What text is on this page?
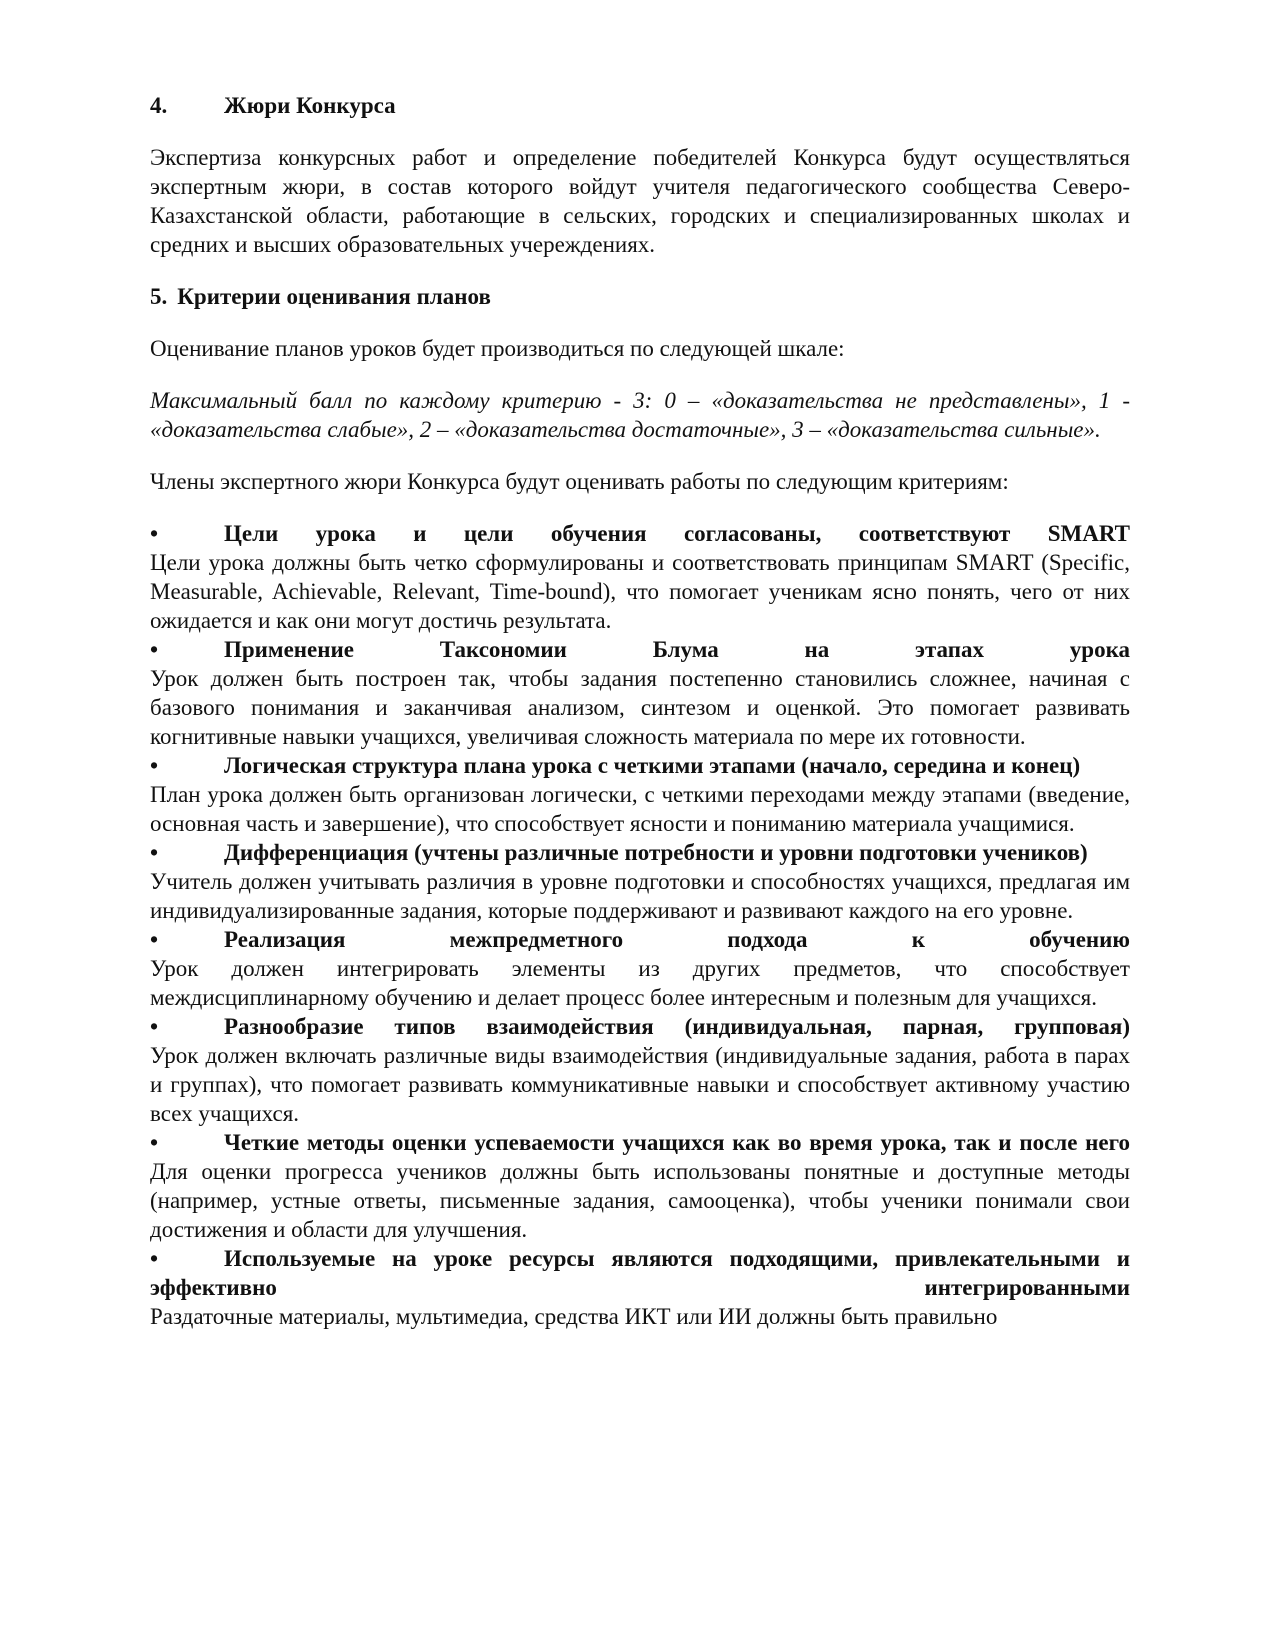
4. Жюри Конкурса

Экспертиза конкурсных работ и определение победителей Конкурса будут осуществляться экспертным жюри, в состав которого войдут учителя педагогического сообщества Северо-Казахстанской области, работающие в сельских, городских и специализированных школах и средних и высших образовательных учереждениях.

5. Критерии оценивания планов

Оценивание планов уроков будет производиться по следующей шкале:

Максимальный балл по каждому критерию - 3: 0 – «доказательства не представлены», 1 - «доказательства слабые», 2 – «доказательства достаточные», 3 – «доказательства сильные».

Члены экспертного жюри Конкурса будут оценивать работы по следующим критериям:

•	Цели урока и цели обучения согласованы, соответствуют SMART

Цели урока должны быть четко сформулированы и соответствовать принципам SMART (Specific, Measurable, Achievable, Relevant, Time-bound), что помогает ученикам ясно понять, чего от них ожидается и как они могут достичь результата.

•	Применение Таксономии Блума на этапах урока

Урок должен быть построен так, чтобы задания постепенно становились сложнее, начиная с базового понимания и заканчивая анализом, синтезом и оценкой. Это помогает развивать когнитивные навыки учащихся, увеличивая сложность материала по мере их готовности.

•	Логическая структура плана урока с четкими этапами (начало, середина и конец)

План урока должен быть организован логически, с четкими переходами между этапами (введение, основная часть и завершение), что способствует ясности и пониманию материала учащимися.

•	Дифференциация (учтены различные потребности и уровни подготовки учеников)

Учитель должен учитывать различия в уровне подготовки и способностях учащихся, предлагая им индивидуализированные задания, которые поддерживают и развивают каждого на его уровне.

•	Реализация межпредметного подхода к обучению

Урок должен интегрировать элементы из других предметов, что способствует междисциплинарному обучению и делает процесс более интересным и полезным для учащихся.

•	Разнообразие типов взаимодействия (индивидуальная, парная, групповая)

Урок должен включать различные виды взаимодействия (индивидуальные задания, работа в парах и группах), что помогает развивать коммуникативные навыки и способствует активному участию всех учащихся.

•	Четкие методы оценки успеваемости учащихся как во время урока, так и после него

Для оценки прогресса учеников должны быть использованы понятные и доступные методы (например, устные ответы, письменные задания, самооценка), чтобы ученики понимали свои достижения и области для улучшения.

•	Используемые на уроке ресурсы являются подходящими, привлекательными и эффективно интегрированными

Раздаточные материалы, мультимедиа, средства ИКТ или ИИ должны быть правильно
